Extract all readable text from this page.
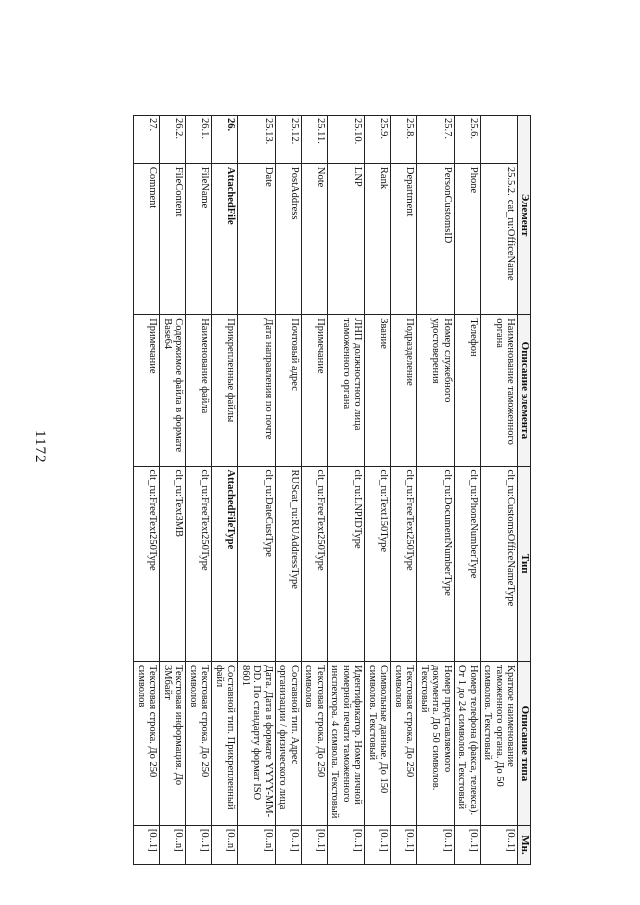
1172
Элемент		Описание элемента	Тип	Описание типа	Мн.
	25.5.2.cat_ru:OfficeName	Наименование таможенного органа	clt_ru:CustomsOfficeNameType	Краткое наименование таможенного органа. До 50 символов. Текстовый	[0..1]
25.6.	Phone	Телефон	clt_ru:PhoneNumberType	Номер телефона (факса, телекса). От 1 до 24 символов. Текстовый	[0..1]
25.7.	PersonCustomsID	Номер служебного удостоверения	clt_ru:DocumentNumberType	Номер представляемого документа. До 50 символов. Текстовый	[0..1]
25.8.	Department	Подразделение	clt_ru:FreeText250Type	Текстовая строка. До 250 символов	[0..1]
25.9.	Rank	Звание	clt_ru:Text150Type	Символьные данные. До 150 символов. Текстовый	[0..1]
25.10.	LNP	ЛНП должностного лица таможенного органа	clt_ru:LNPIDType	Идентификатор. Номер личной номерной печати таможенного инспектора. 4 символа. Текстовый	[0..1]
25.11.	Note	Примечание	clt_ru:FreeText250Type	Текстовая строка. До 250 символов	[0..1]
25.12.	PostAddress	Почтовый адрес	RUScat_ru:RUAddressType	Составной тип. Адрес организации / физического лица	[0..1]
25.13.	Date	Дата направления по почте	clt_ru:DateCustType	Дата. Дата в формате YYYY-MM-DD. По стандарту формат ISO 8601	[0..n]
26.	AttachedFile	Прикрепленные файлы	AttachedFileType	Составной тип. Прикрепленный файл	[0..n]
26.1.	FileName	Наименование файла	clt_ru:FreeText250Type	Текстовая строка. До 250 символов	[0..1]
26.2.	FileContent	Содержимое файла в формате Base64	clt_ru:Text3MB	Текстовая информация. До 3Мбайт	[0..n]
27.	Comment	Примечание	clt_ru:FreeText250Type	Текстовая строка. До 250 символов	[0..1]
